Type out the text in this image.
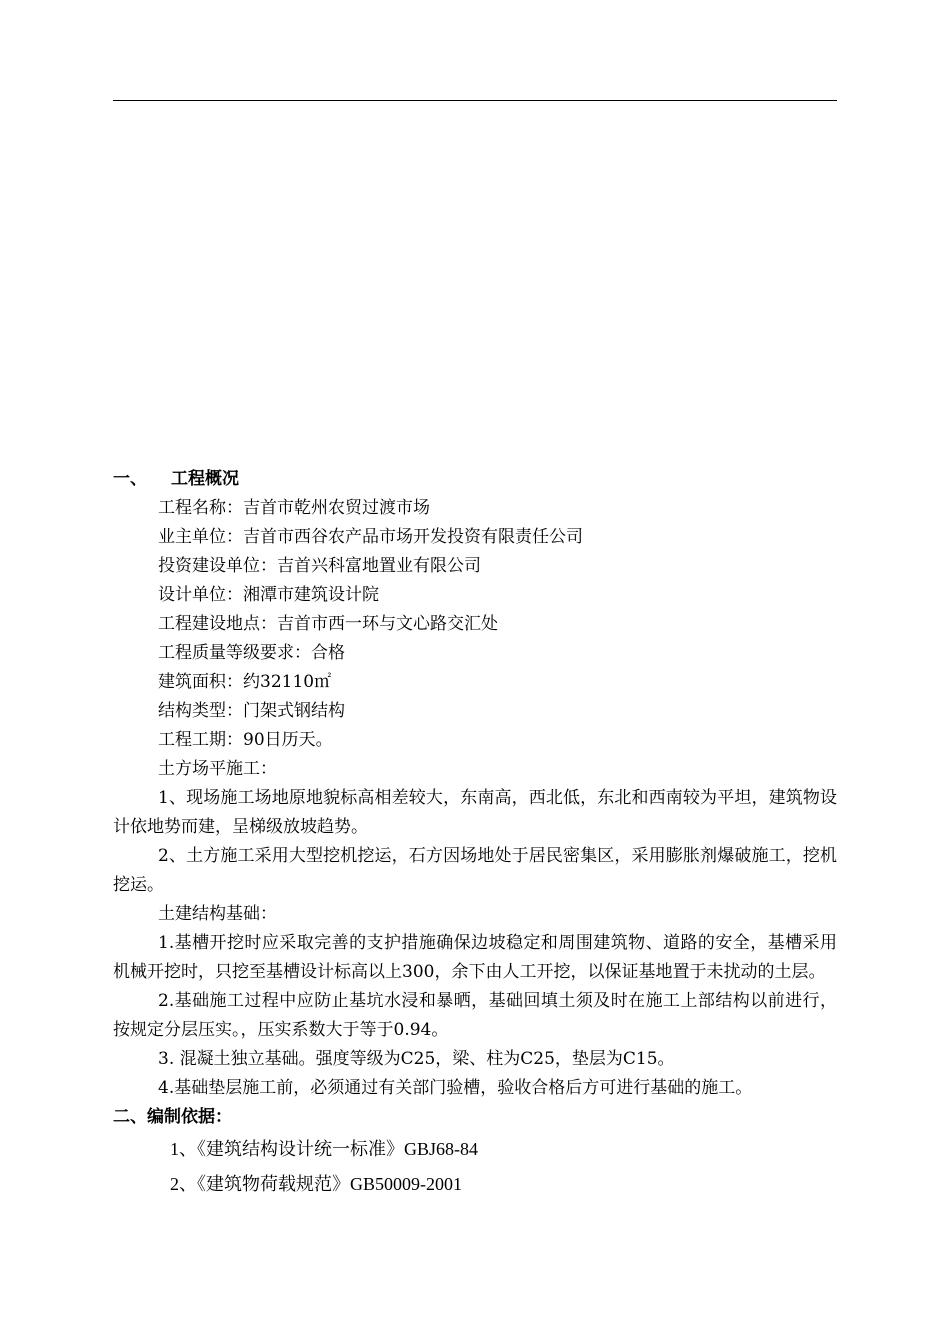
一、 工程概况
工程名称：吉首市乾州农贸过渡市场
业主单位：吉首市西谷农产品市场开发投资有限责任公司
投资建设单位：吉首兴科富地置业有限公司
设计单位：湘潭市建筑设计院
工程建设地点：吉首市西一环与文心路交汇处
工程质量等级要求：合格
建筑面积：约32110㎡
结构类型：门架式钢结构
工程工期：90日历天。
土方场平施工：
1、现场施工场地原地貌标高相差较大，东南高，西北低，东北和西南较为平坦，建筑物设计依地势而建，呈梯级放坡趋势。
2、土方施工采用大型挖机挖运，石方因场地处于居民密集区，采用膨胀剂爆破施工，挖机挖运。
土建结构基础：
1.基槽开挖时应采取完善的支护措施确保边坡稳定和周围建筑物、道路的安全，基槽采用机械开挖时，只挖至基槽设计标高以上300，余下由人工开挖，以保证基地置于未扰动的土层。
2.基础施工过程中应防止基坑水浸和暴晒，基础回填土须及时在施工上部结构以前进行，按规定分层压实。，压实系数大于等于0.94。
3. 混凝土独立基础。强度等级为C25，梁、柱为C25，垫层为C15。
4.基础垫层施工前，必须通过有关部门验槽，验收合格后方可进行基础的施工。
二、编制依据：
1、《建筑结构设计统一标准》GBJ68-84
2、《建筑物荷载规范》GB50009-2001
